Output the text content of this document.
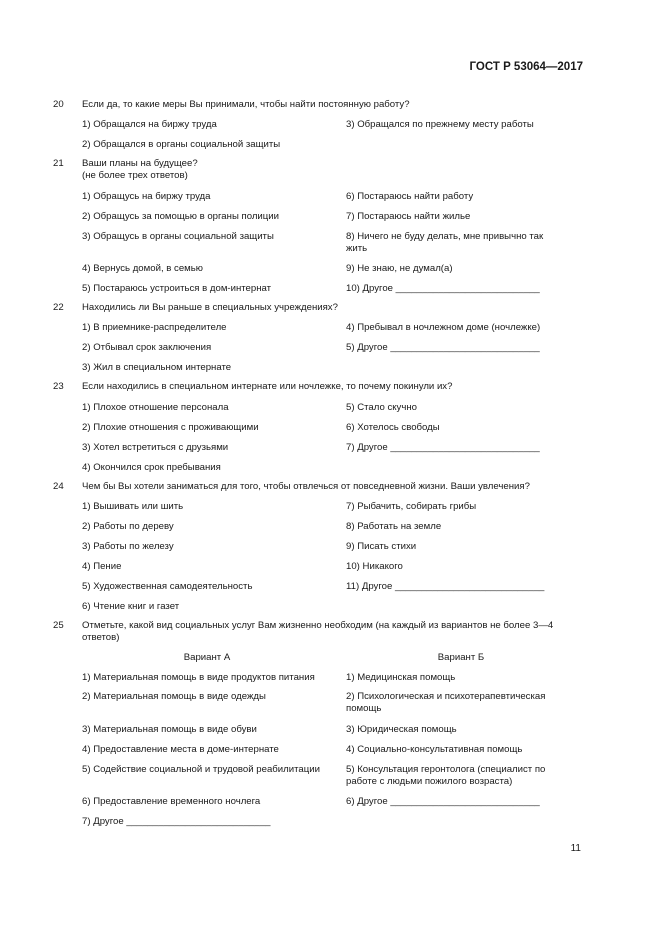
ГОСТ Р 53064—2017
20 Если да, то какие меры Вы принимали, чтобы найти постоянную работу?
1) Обращался на биржу труда
2) Обращался в органы социальной защиты
3) Обращался по прежнему месту работы
21 Ваши планы на будущее?
(не более трех ответов)
1) Обращусь на биржу труда
2) Обращусь за помощью в органы полиции
3) Обращусь в органы социальной защиты
4) Вернусь домой, в семью
5) Постараюсь устроиться в дом-интернат
6) Постараюсь найти работу
7) Постараюсь найти жилье
8) Ничего не буду делать, мне привычно так жить
9) Не знаю, не думал(а)
10) Другое ___________________________
22 Находились ли Вы раньше в специальных учреждениях?
1) В приемнике-распределителе
2) Отбывал срок заключения
3) Жил в специальном интернате
4) Пребывал в ночлежном доме (ночлежке)
5) Другое ____________________________
23 Если находились в специальном интернате или ночлежке, то почему покинули их?
1) Плохое отношение персонала
2) Плохие отношения с проживающими
3) Хотел встретиться с друзьями
4) Окончился срок пребывания
5) Стало скучно
6) Хотелось свободы
7) Другое ____________________________
24 Чем бы Вы хотели заниматься для того, чтобы отвлечься от повседневной жизни. Ваши увлечения?
1) Вышивать или шить
2) Работы по дереву
3) Работы по железу
4) Пение
5) Художественная самодеятельность
6) Чтение книг и газет
7) Рыбачить, собирать грибы
8) Работать на земле
9) Писать стихи
10) Никакого
11) Другое ____________________________
25 Отметьте, какой вид социальных услуг Вам жизненно необходим (на каждый из вариантов не более 3—4 ответов)
Вариант А	Вариант Б
1) Материальная помощь в виде продуктов питания
2) Материальная помощь в виде одежды
3) Материальная помощь в виде обуви
4) Предоставление места в доме-интернате
5) Содействие социальной и трудовой реабилитации
6) Предоставление временного ночлега
7) Другое ___________________________
1) Медицинская помощь
2) Психологическая и психотерапевтическая помощь
3) Юридическая помощь
4) Социально-консультативная помощь
5) Консультация геронтолога (специалист по работе с людьми пожилого возраста)
6) Другое ____________________________
11
